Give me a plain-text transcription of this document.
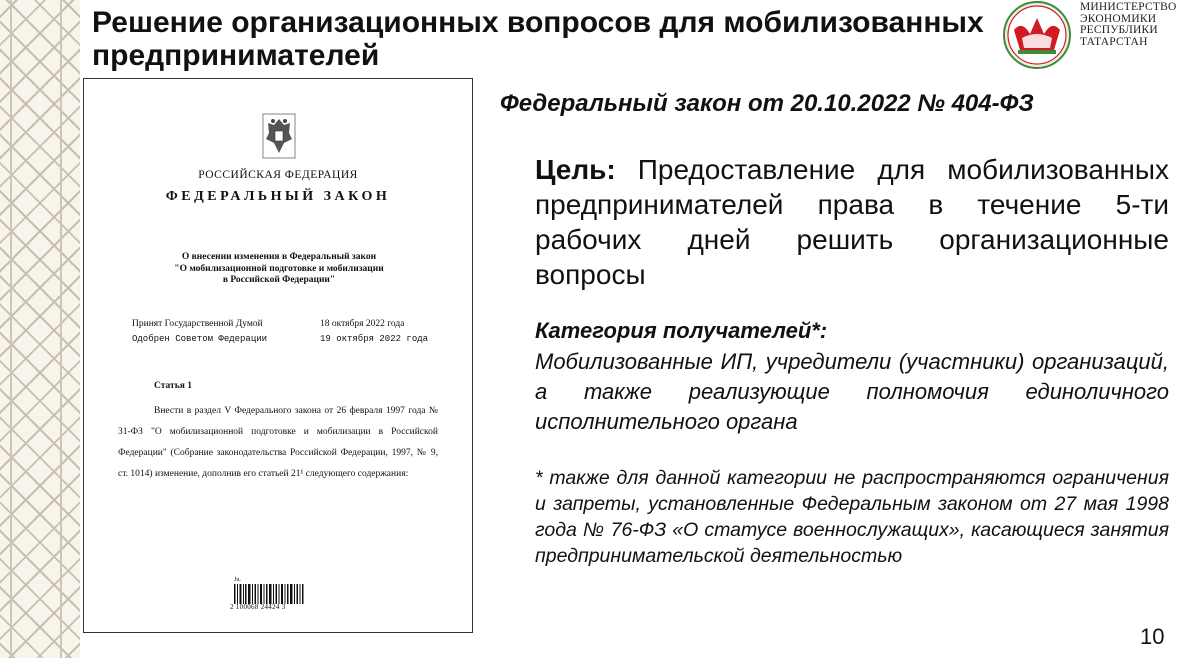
Решение организационных вопросов для мобилизованных предпринимателей	ТАТАРСТАН
МИНИСТЕРСТВО
ЭКОНОМИКИ
РЕСПУБЛИКИ
ТАТАРСТАН
РОССИЙСКАЯ ФЕДЕРАЦИЯ
ФЕДЕРАЛЬНЫЙ ЗАКОН
О внесении изменения в Федеральный закон
"О мобилизационной подготовке и мобилизации
в Российской Федерации"
Принят Государственной Думой	18 октября 2022 года
Одобрен Советом Федерации	19 октября 2022 года
Статья 1
Внести в раздел V Федерального закона от 26 февраля 1997 года № 31-ФЗ "О мобилизационной подготовке и мобилизации в Российской Федерации" (Собрание законодательства Российской Федерации, 1997, № 9, ст. 1014) изменение, дополнив его статьей 21¹ следующего содержания:
Ju.
2 100068 24424 3
Федеральный закон от 20.10.2022 № 404-ФЗ
Цель: Предоставление для мобилизованных предпринимателей права в течение 5-ти рабочих дней решить организационные вопросы
Категория получателей*:
Мобилизованные ИП, учредители (участники) организаций, а также реализующие полномочия единоличного исполнительного органа
* также для данной категории не распространяются ограничения и запреты, установленные Федеральным законом от 27 мая 1998 года № 76-ФЗ «О статусе военнослужащих», касающиеся занятия предпринимательской деятельностью
10
